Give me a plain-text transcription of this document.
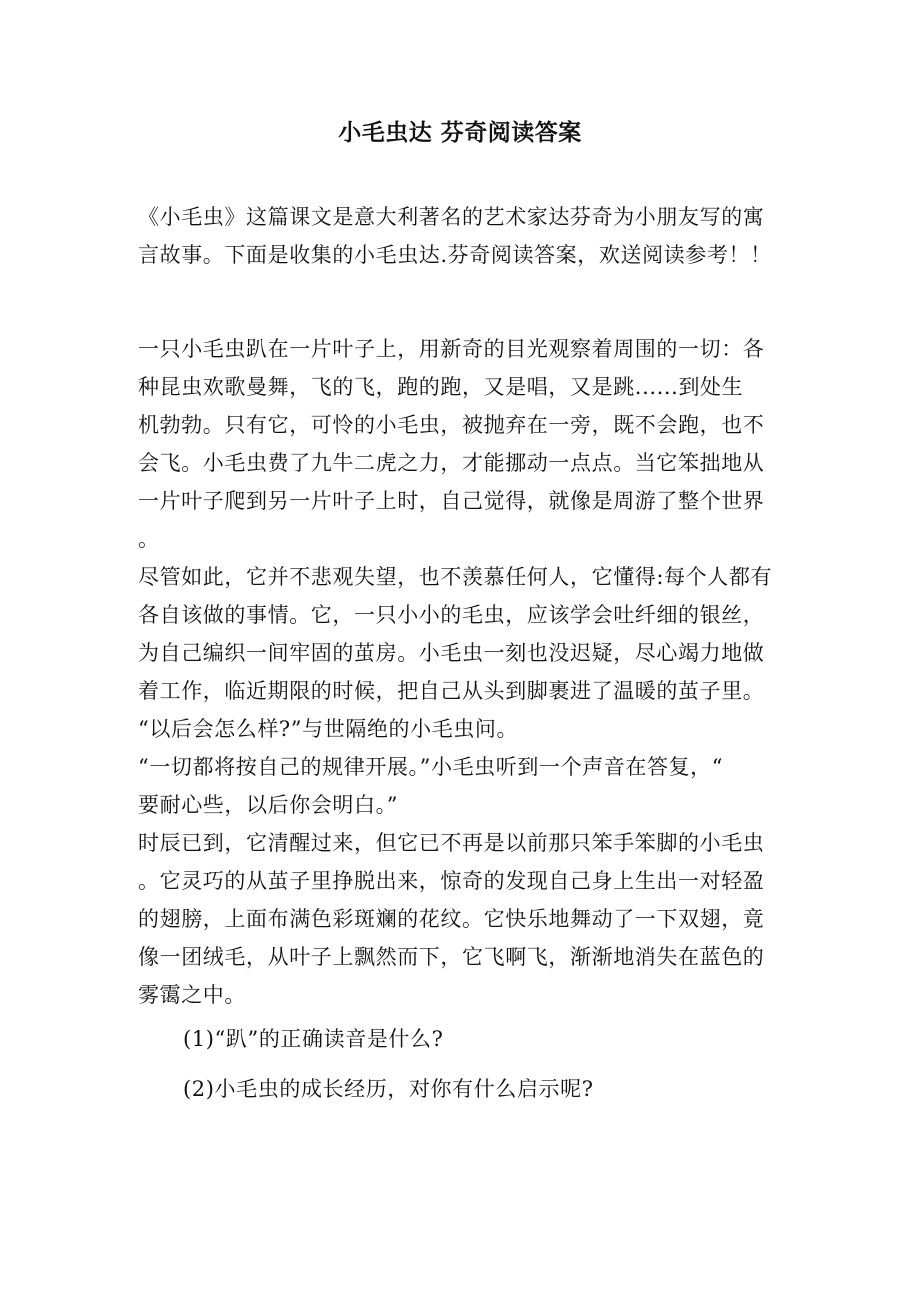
小毛虫达 芬奇阅读答案
《小毛虫》这篇课文是意大利著名的艺术家达芬奇为小朋友写的寓
言故事。下面是收集的小毛虫达.芬奇阅读答案，欢送阅读参考！！
一只小毛虫趴在一片叶子上，用新奇的目光观察着周围的一切：各
种昆虫欢歌曼舞，飞的飞，跑的跑，又是唱，又是跳......到处生
机勃勃。只有它，可怜的小毛虫，被抛弃在一旁，既不会跑，也不
会飞。小毛虫费了九牛二虎之力，才能挪动一点点。当它笨拙地从
一片叶子爬到另一片叶子上时，自己觉得，就像是周游了整个世界
。
尽管如此，它并不悲观失望，也不羡慕任何人，它懂得:每个人都有
各自该做的事情。它，一只小小的毛虫，应该学会吐纤细的银丝，
为自己编织一间牢固的茧房。小毛虫一刻也没迟疑，尽心竭力地做
着工作，临近期限的时候，把自己从头到脚裹进了温暖的茧子里。
“以后会怎么样?”与世隔绝的小毛虫问。
“一切都将按自己的规律开展。”小毛虫听到一个声音在答复，“
要耐心些，以后你会明白。”
时辰已到，它清醒过来，但它已不再是以前那只笨手笨脚的小毛虫
。它灵巧的从茧子里挣脱出来，惊奇的发现自己身上生出一对轻盈
的翅膀，上面布满色彩斑斓的花纹。它快乐地舞动了一下双翅，竟
像一团绒毛，从叶子上飘然而下，它飞啊飞，渐渐地消失在蓝色的
雾霭之中。
(1)“趴”的正确读音是什么?
(2)小毛虫的成长经历，对你有什么启示呢?
